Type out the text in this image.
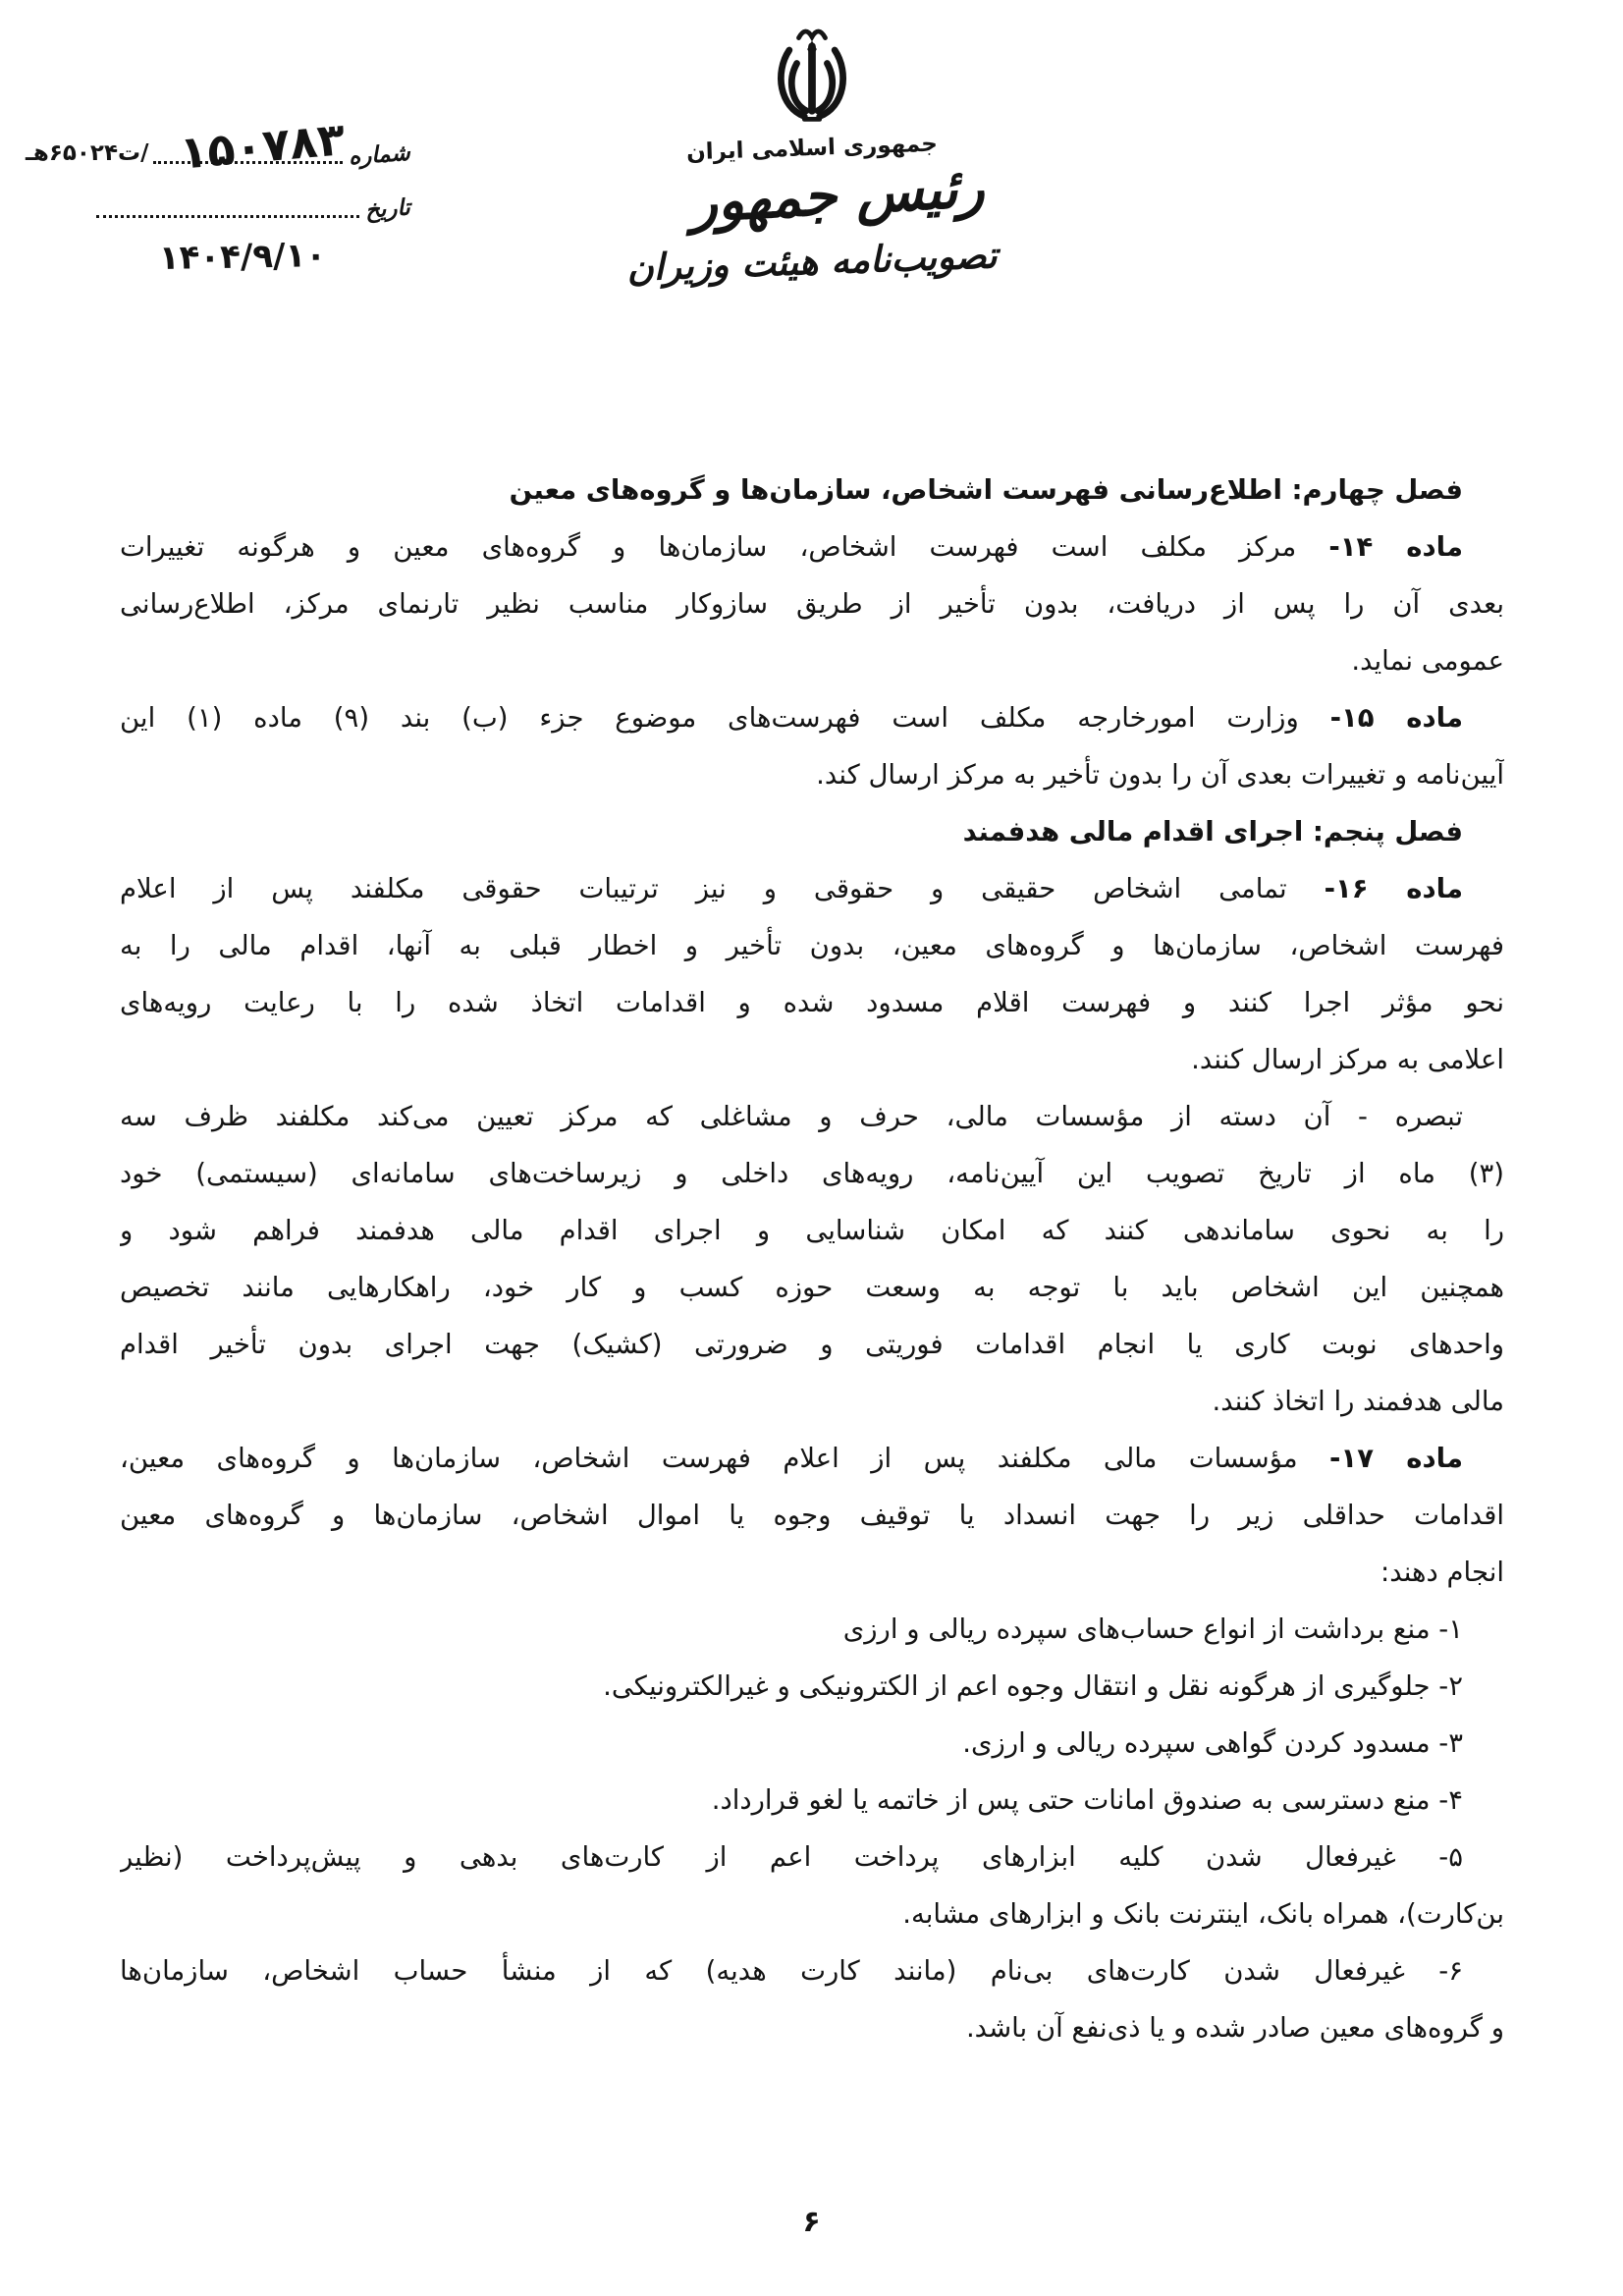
شماره
۱۵۰۷۸۳
/ت۶۵۰۲۴هـ
تاریخ
۱۴۰۴/۹/۱۰
جمهوری اسلامی ایران
رئیس جمهور
تصویب‌نامه هیئت وزیران
فصل چهارم: اطلاع‌رسانی فهرست اشخاص، سازمان‌ها و گروه‌های معین
ماده ۱۴- مرکز مکلف است فهرست اشخاص، سازمان‌ها و گروه‌های معین و هرگونه تغییرات
بعدی آن را پس از دریافت، بدون تأخیر از طریق سازوکار مناسب نظیر تارنمای مرکز، اطلاع‌رسانی
عمومی نماید.
ماده ۱۵- وزارت امورخارجه مکلف است فهرست‌های موضوع جزء (ب) بند (۹) ماده (۱) این
آیین‌نامه و تغییرات بعدی آن را بدون تأخیر به مرکز ارسال کند.
فصل پنجم: اجرای اقدام مالی هدفمند
ماده ۱۶- تمامی اشخاص حقیقی و حقوقی و نیز ترتیبات حقوقی مکلفند پس از اعلام
فهرست اشخاص، سازمان‌ها و گروه‌های معین، بدون تأخیر و اخطار قبلی به آنها، اقدام مالی را به
نحو مؤثر اجرا کنند و فهرست اقلام مسدود شده و اقدامات اتخاذ شده را با رعایت رویه‌های
اعلامی به مرکز ارسال کنند.
تبصره - آن دسته از مؤسسات مالی، حرف و مشاغلی که مرکز تعیین می‌کند مکلفند ظرف سه
(۳) ماه از تاریخ تصویب این آیین‌نامه، رویه‌های داخلی و زیرساخت‌های سامانه‌ای (سیستمی) خود
را به نحوی ساماندهی کنند که امکان شناسایی و اجرای اقدام مالی هدفمند فراهم شود و
همچنین این اشخاص باید با توجه به وسعت حوزه کسب و کار خود، راهکارهایی مانند تخصیص
واحدهای نوبت کاری یا انجام اقدامات فوریتی و ضرورتی (کشیک) جهت اجرای بدون تأخیر اقدام
مالی هدفمند را اتخاذ کنند.
ماده ۱۷- مؤسسات مالی مکلفند پس از اعلام فهرست اشخاص، سازمان‌ها و گروه‌های معین،
اقدامات حداقلی زیر را جهت انسداد یا توقیف وجوه یا اموال اشخاص، سازمان‌ها و گروه‌های معین
انجام دهند:
۱- منع برداشت از انواع حساب‌های سپرده ریالی و ارزی
۲- جلوگیری از هرگونه نقل و انتقال وجوه اعم از الکترونیکی و غیرالکترونیکی.
۳- مسدود کردن گواهی سپرده ریالی و ارزی.
۴- منع دسترسی به صندوق امانات حتی پس از خاتمه یا لغو قرارداد.
۵- غیرفعال شدن کلیه ابزارهای پرداخت اعم از کارت‌های بدهی و پیش‌پرداخت (نظیر
بن‌کارت)، همراه بانک، اینترنت بانک و ابزارهای مشابه.
۶- غیرفعال شدن کارت‌های بی‌نام (مانند کارت هدیه) که از منشأ حساب اشخاص، سازمان‌ها
و گروه‌های معین صادر شده و یا ذی‌نفع آن باشد.
۶
